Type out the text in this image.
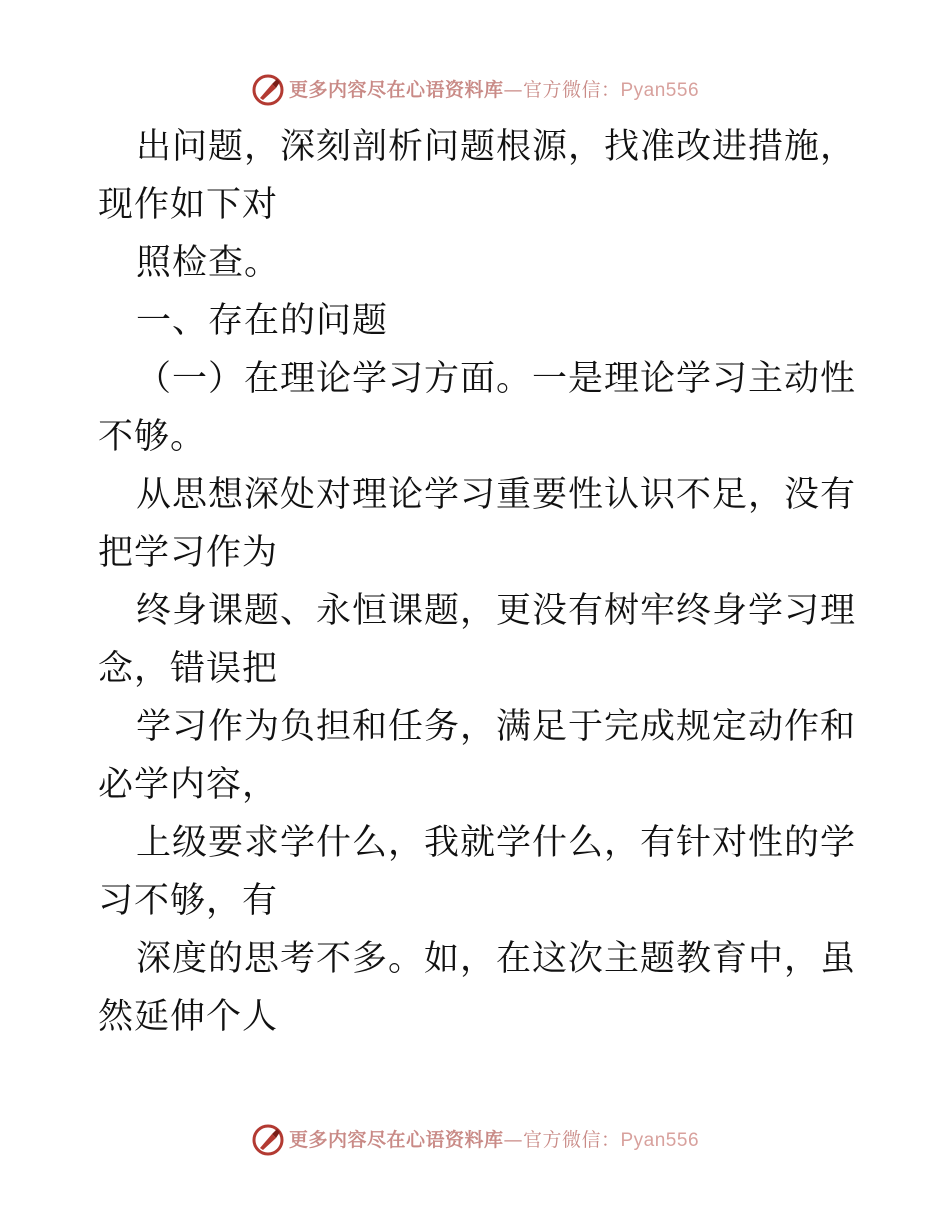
更多内容尽在心语资料库—官方微信：Pyan556

出问题，深刻剖析问题根源，找准改进措施，现作如下对

照检查。

一、存在的问题

（一）在理论学习方面。一是理论学习主动性不够。

从思想深处对理论学习重要性认识不足，没有把学习作为

终身课题、永恒课题，更没有树牢终身学习理念，错误把

学习作为负担和任务，满足于完成规定动作和必学内容，

上级要求学什么，我就学什么，有针对性的学习不够，有

深度的思考不多。如，在这次主题教育中，虽然延伸个人

更多内容尽在心语资料库—官方微信：Pyan556
